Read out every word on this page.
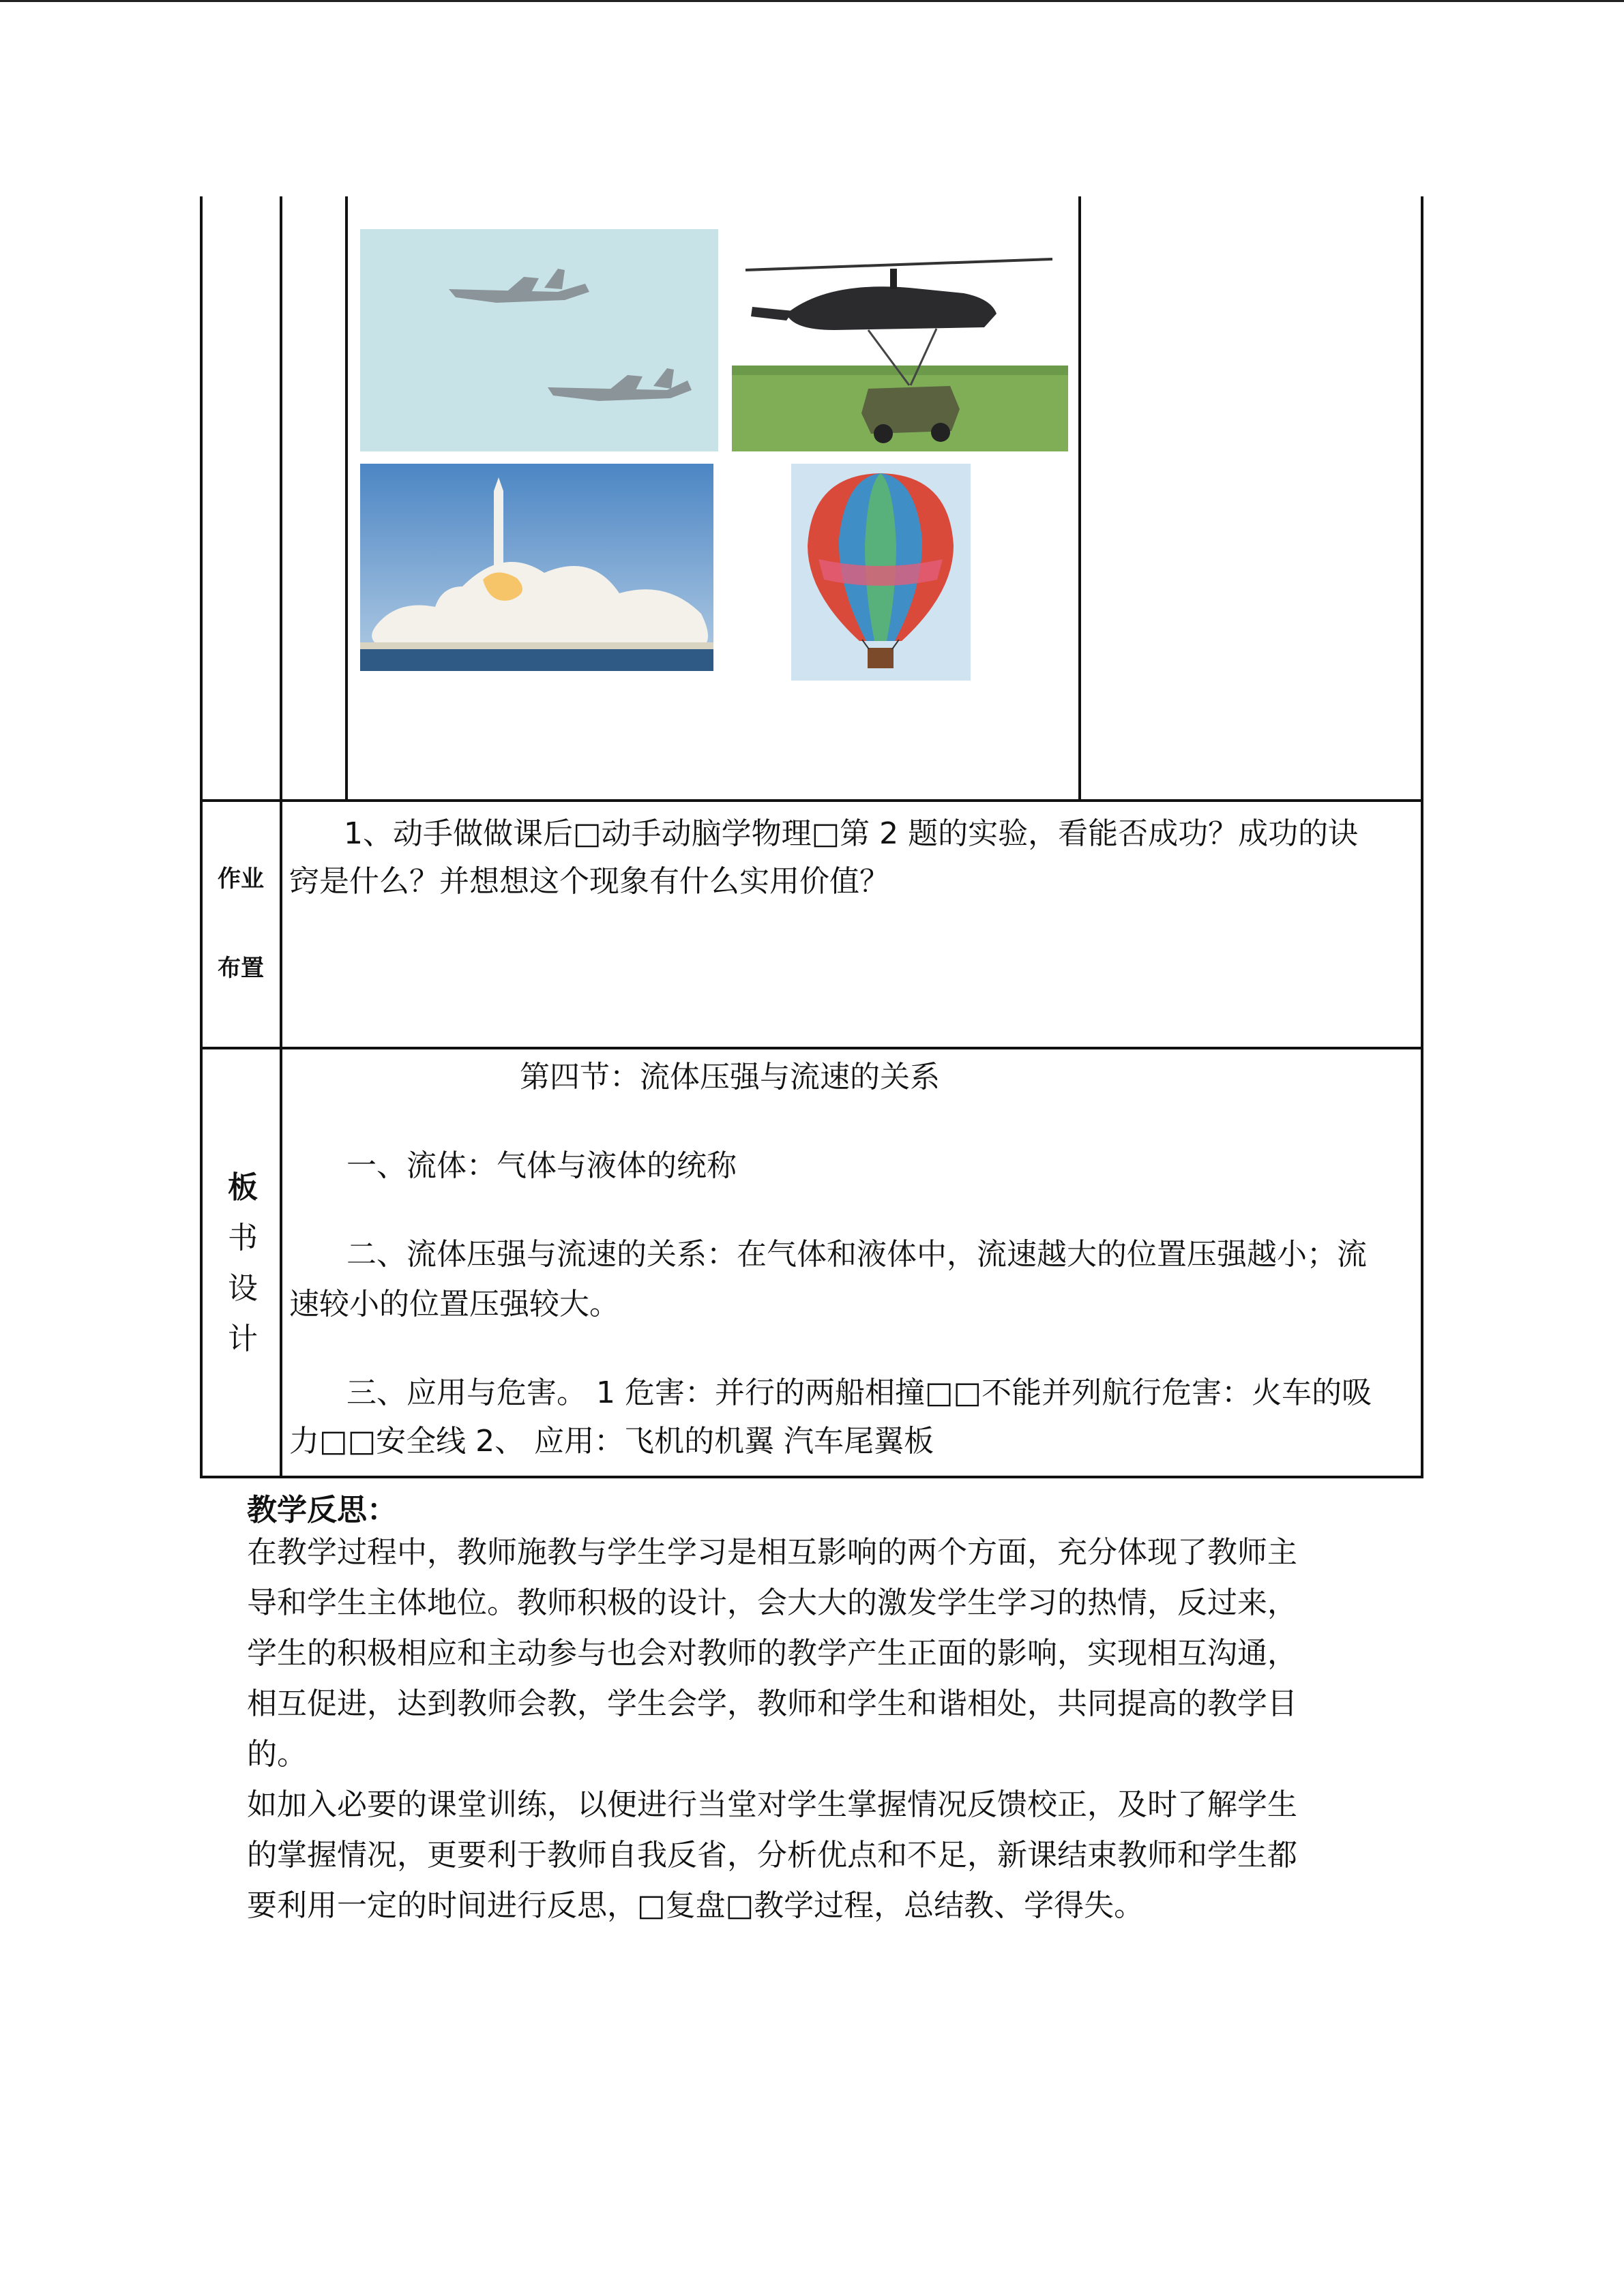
作业
布置
1、动手做做课后□动手动脑学物理□第 2 题的实验，看能否成功？成功的诀
窍是什么？并想想这个现象有什么实用价值？
板
书
设
计
第四节：流体压强与流速的关系
一、流体：气体与液体的统称
二、流体压强与流速的关系：在气体和液体中，流速越大的位置压强越小；流
速较小的位置压强较大。
三、应用与危害。 1 危害：并行的两船相撞□□不能并列航行危害：火车的吸
力□□安全线 2、 应用：飞机的机翼 汽车尾翼板
教学反思：
在教学过程中，教师施教与学生学习是相互影响的两个方面，充分体现了教师主
导和学生主体地位。教师积极的设计，会大大的激发学生学习的热情，反过来，
学生的积极相应和主动参与也会对教师的教学产生正面的影响，实现相互沟通，
相互促进，达到教师会教，学生会学，教师和学生和谐相处，共同提高的教学目
的。
如加入必要的课堂训练，以便进行当堂对学生掌握情况反馈校正，及时了解学生
的掌握情况，更要利于教师自我反省，分析优点和不足，新课结束教师和学生都
要利用一定的时间进行反思，□复盘□教学过程，总结教、学得失。
